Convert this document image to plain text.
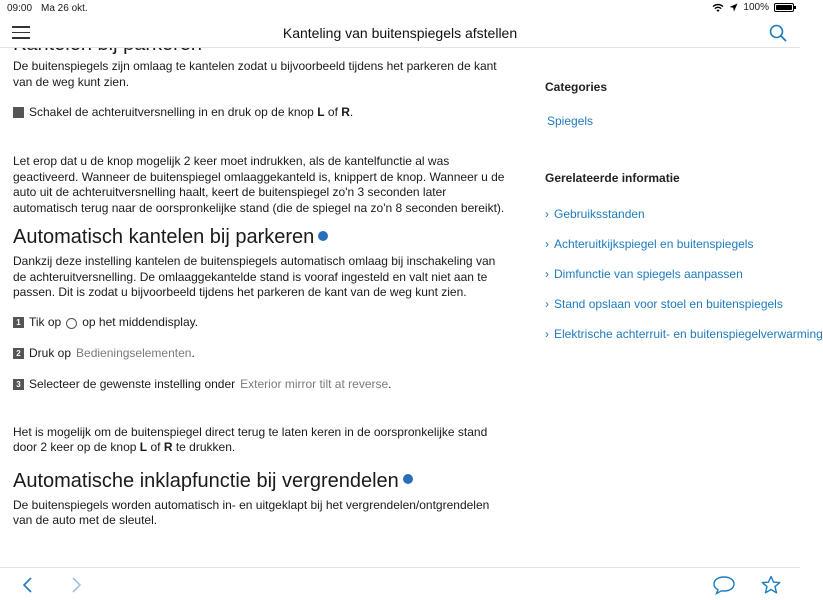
09:00 Ma 26 okt.	100%
Kanteling van buitenspiegels afstellen

De buitenspiegels zijn omlaag te kantelen zodat u bijvoorbeeld tijdens het parkeren de kant van de weg kunt zien.

Schakel de achteruitversnelling in en druk op de knop L of R.

Let erop dat u de knop mogelijk 2 keer moet indrukken, als de kantelfunctie al was geactiveerd. Wanneer de buitenspiegel omlaaggekanteld is, knippert de knop. Wanneer u de auto uit de achteruitversnelling haalt, keert de buitenspiegel zo'n 3 seconden later automatisch terug naar de oorspronkelijke stand (die de spiegel na zo'n 8 seconden bereikt).

Automatisch kantelen bij parkeren

Dankzij deze instelling kantelen de buitenspiegels automatisch omlaag bij inschakeling van de achteruitversnelling. De omlaaggekantelde stand is vooraf ingesteld en valt niet aan te passen. Dit is zodat u bijvoorbeeld tijdens het parkeren de kant van de weg kunt zien.

1 Tik op op het middendisplay.
2 Druk op Bedieningselementen.
3 Selecteer de gewenste instelling onder Exterior mirror tilt at reverse.

Het is mogelijk om de buitenspiegel direct terug te laten keren in de oorspronkelijke stand door 2 keer op de knop L of R te drukken.

Automatische inklapfunctie bij vergrendelen

De buitenspiegels worden automatisch in- en uitgeklapt bij het vergrendelen/ontgrendelen van de auto met de sleutel.

Categories
Spiegels
Gerelateerde informatie
› Gebruiksstanden
› Achteruitkijkspiegel en buitenspiegels
› Dimfunctie van spiegels aanpassen
› Stand opslaan voor stoel en buitenspiegels
› Elektrische achterruit- en buitenspiegelverwarming
